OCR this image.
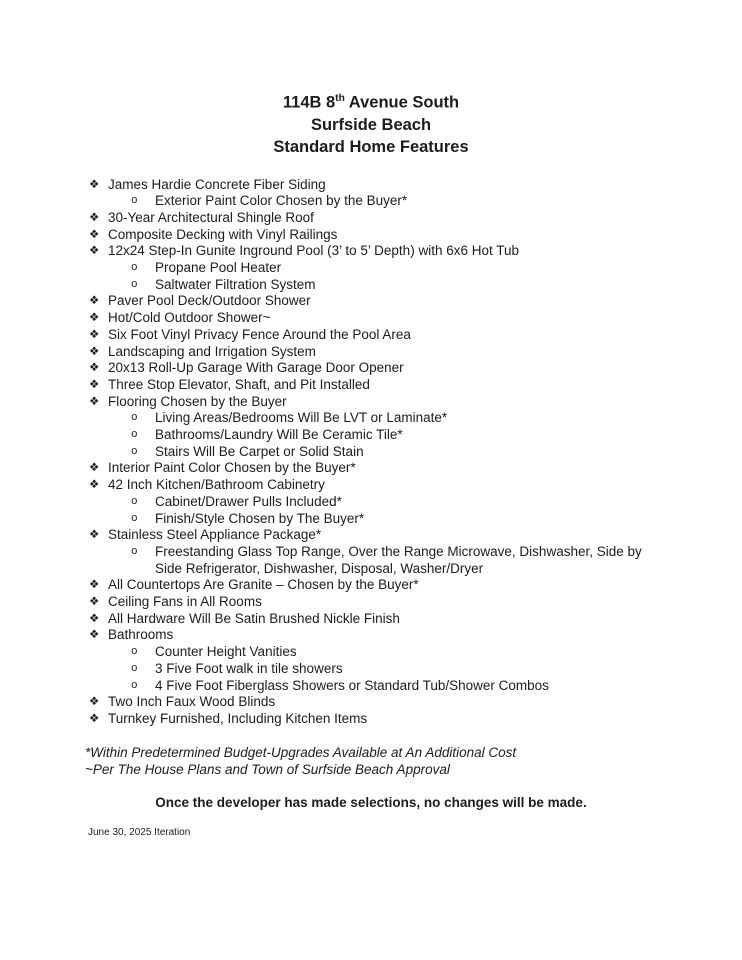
114B 8th Avenue South
Surfside Beach
Standard Home Features
❖ James Hardie Concrete Fiber Siding
o	Exterior Paint Color Chosen by the Buyer*
❖ 30-Year Architectural Shingle Roof
❖ Composite Decking with Vinyl Railings
❖ 12x24 Step-In Gunite Inground Pool (3’ to 5’ Depth) with 6x6 Hot Tub
o	Propane Pool Heater
o	Saltwater Filtration System
❖ Paver Pool Deck/Outdoor Shower
❖ Hot/Cold Outdoor Shower~
❖ Six Foot Vinyl Privacy Fence Around the Pool Area
❖ Landscaping and Irrigation System
❖ 20x13 Roll-Up Garage With Garage Door Opener
❖ Three Stop Elevator, Shaft, and Pit Installed
❖ Flooring Chosen by the Buyer
o	Living Areas/Bedrooms Will Be LVT or Laminate*
o	Bathrooms/Laundry Will Be Ceramic Tile*
o	Stairs Will Be Carpet or Solid Stain
❖ Interior Paint Color Chosen by the Buyer*
❖ 42 Inch Kitchen/Bathroom Cabinetry
o	Cabinet/Drawer Pulls Included*
o	Finish/Style Chosen by The Buyer*
❖ Stainless Steel Appliance Package*
o	Freestanding Glass Top Range, Over the Range Microwave, Dishwasher, Side by Side Refrigerator, Dishwasher, Disposal, Washer/Dryer
❖ All Countertops Are Granite – Chosen by the Buyer*
❖ Ceiling Fans in All Rooms
❖ All Hardware Will Be Satin Brushed Nickle Finish
❖ Bathrooms
o	Counter Height Vanities
o	3 Five Foot walk in tile showers
o	4 Five Foot Fiberglass Showers or Standard Tub/Shower Combos
❖ Two Inch Faux Wood Blinds
❖ Turnkey Furnished, Including Kitchen Items
*Within Predetermined Budget-Upgrades Available at An Additional Cost
~Per The House Plans and Town of Surfside Beach Approval
Once the developer has made selections, no changes will be made.
June 30, 2025 Iteration
